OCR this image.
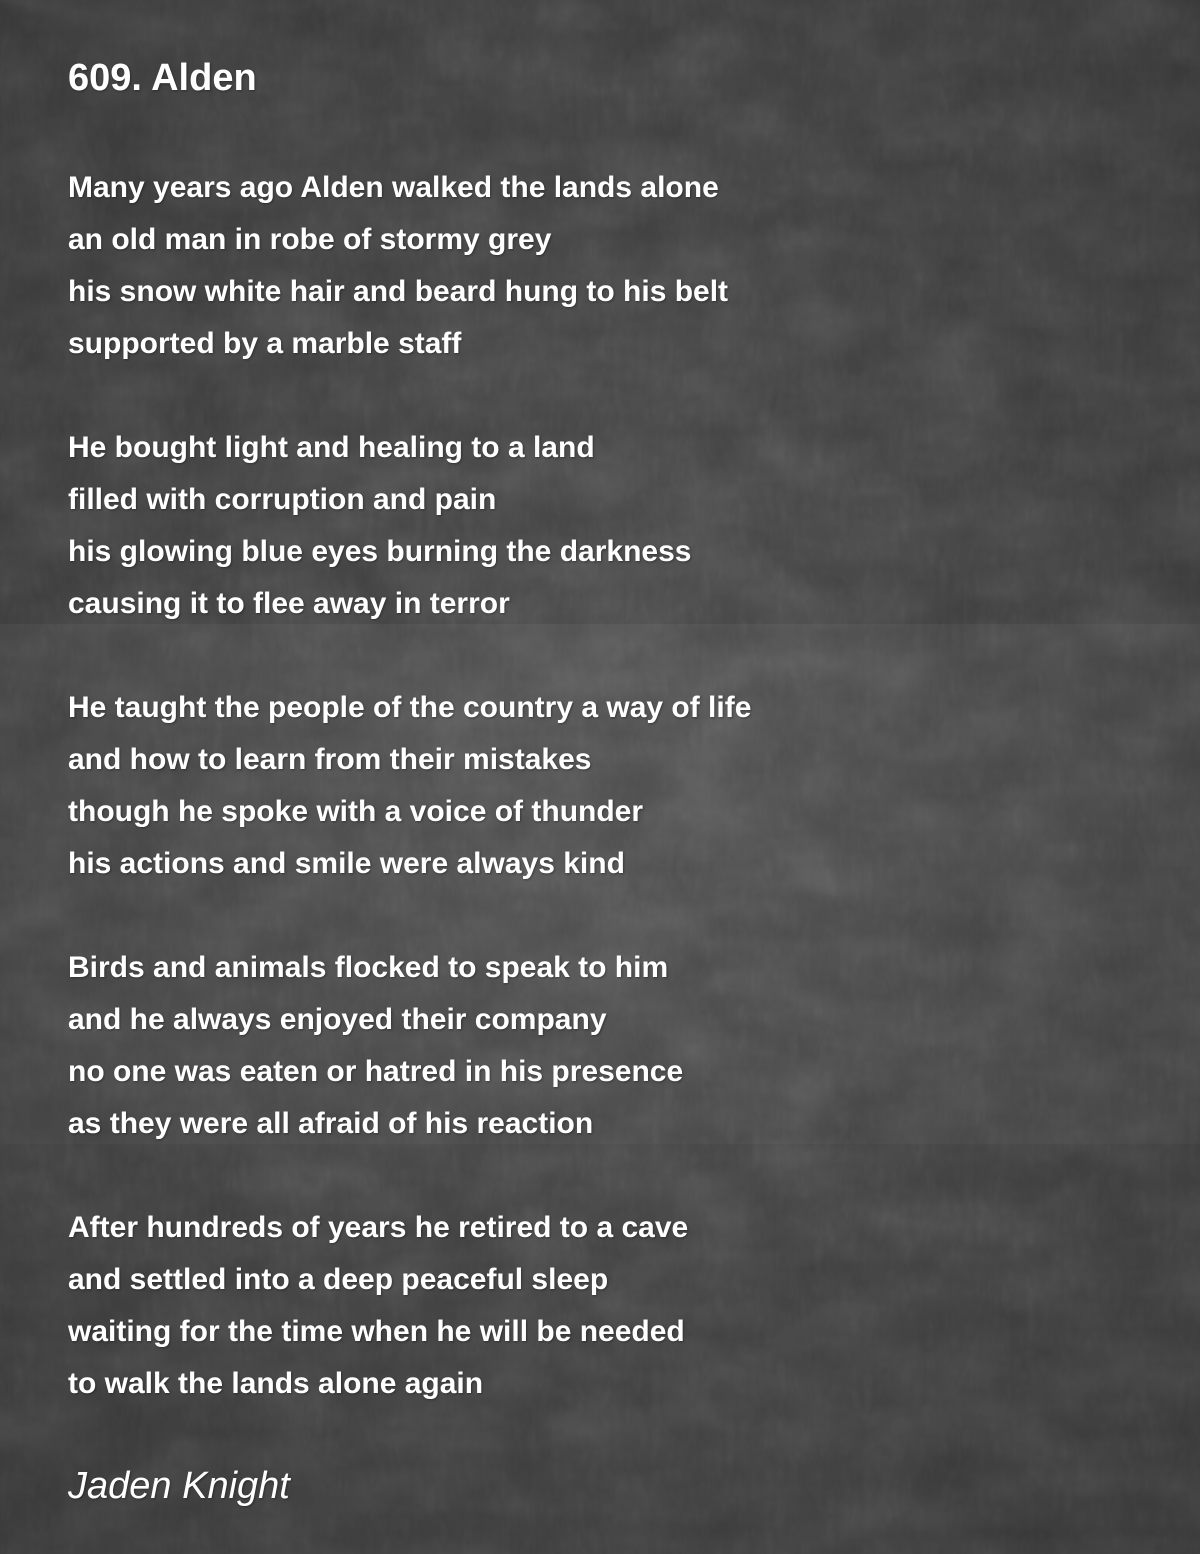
609. Alden
Many years ago Alden walked the lands alone
an old man in robe of stormy grey
his snow white hair and beard hung to his belt
supported by a marble staff
He bought light and healing to a land
filled with corruption and pain
his glowing blue eyes burning the darkness
causing it to flee away in terror
He taught the people of the country a way of life
and how to learn from their mistakes
though he spoke with a voice of thunder
his actions and smile were always kind
Birds and animals flocked to speak to him
and he always enjoyed their company
no one was eaten or hatred in his presence
as they were all afraid of his reaction
After hundreds of years he retired to a cave
and settled into a deep peaceful sleep
waiting for the time when he will be needed
to walk the lands alone again
Jaden Knight
